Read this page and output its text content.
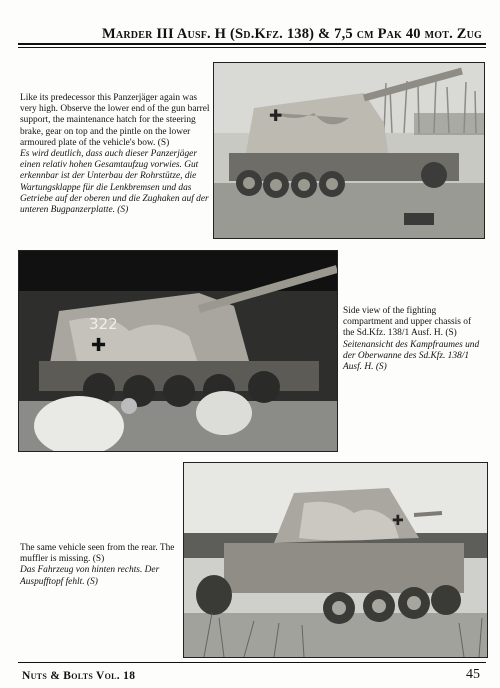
Marder III Ausf. H (Sd.Kfz. 138) & 7,5 cm Pak 40 mot. Zug

Like its predecessor this Panzerjäger again was very high. Observe the lower end of the gun barrel support, the maintenance hatch for the steering brake, gear on top and the pintle on the lower armoured plate of the vehicle's bow. (S)

Es wird deutlich, dass auch dieser Panzerjäger einen relativ hohen Gesamtaufzug vorwies. Gut erkennbar ist der Unterbau der Rohrstütze, die Wartungsklappe für die Lenkbremsen und das Getriebe auf der oberen und die Zughaken auf der unteren Bugpanzerplatte. (S)

✚
322
✚

Side view of the fighting compartment and upper chassis of the Sd.Kfz. 138/1 Ausf. H. (S)

Seitenansicht des Kampfraumes und der Oberwanne des Sd.Kfz. 138/1 Ausf. H. (S)

The same vehicle seen from the rear. The muffler is missing. (S)

Das Fahrzeug von hinten rechts. Der Auspufftopf fehlt. (S)

✚
Nuts & Bolts Vol. 18	45
